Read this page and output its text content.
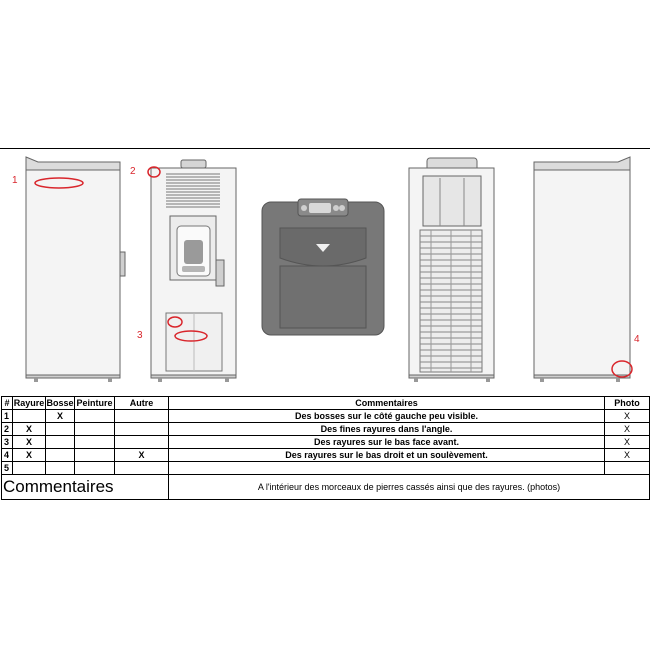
1
2
3	4
#	Rayure	Bosse	Peinture	Autre	Commentaires	Photo
1		X			Des bosses sur le côté gauche peu visible.	X
2	X				Des fines rayures dans l'angle.	X
3	X				Des rayures sur le bas face avant.	X
4	X			X	Des rayures sur le bas droit et un soulèvement.	X
5						
Commentaires					A l'intérieur des morceaux de pierres cassés ainsi que des rayures. (photos)	
